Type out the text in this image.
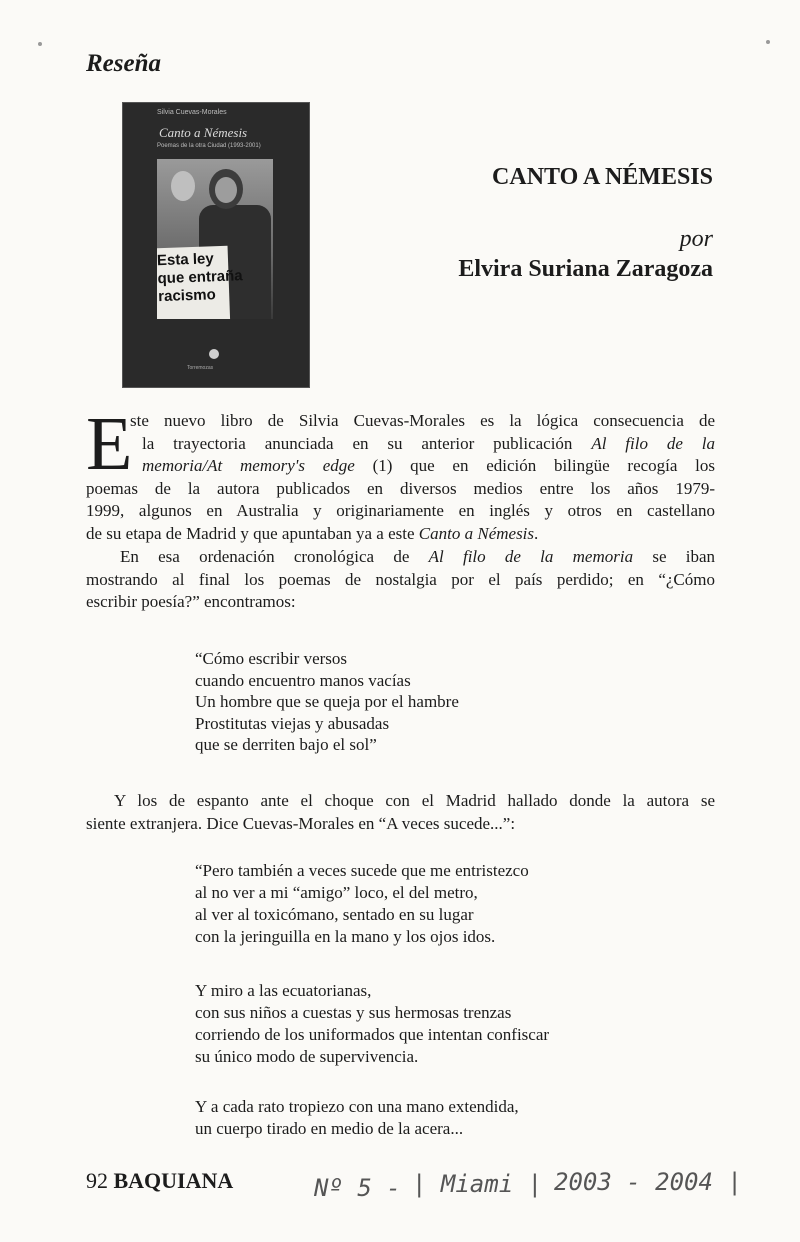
Reseña
Silvia Cuevas-Morales
Canto a Némesis
Poemas de la otra Ciudad (1993-2001)
Esta ley
que entraña
racismo
Torremozas
CANTO A NÉMESIS
por
Elvira Suriana Zaragoza
E
ste nuevo libro de Silvia Cuevas-Morales es la lógica consecuencia de
la trayectoria anunciada en su anterior publicación Al filo de la
memoria/At memory's edge (1) que en edición bilingüe recogía los
poemas de la autora publicados en diversos medios entre los años 1979-
1999, algunos en Australia y originariamente en inglés y otros en castellano
de su etapa de Madrid y que apuntaban ya a este Canto a Némesis.
En esa ordenación cronológica de Al filo de la memoria se iban
mostrando al final los poemas de nostalgia por el país perdido; en “¿Cómo
escribir poesía?” encontramos:
“Cómo escribir versos
cuando encuentro manos vacías
Un hombre que se queja por el hambre
Prostitutas viejas y abusadas
que se derriten bajo el sol”
Y los de espanto ante el choque con el Madrid hallado donde la autora se
siente extranjera. Dice Cuevas-Morales en “A veces sucede...”:
“Pero también a veces sucede que me entristezco
al no ver a mi “amigo” loco, el del metro,
al ver al toxicómano, sentado en su lugar
con la jeringuilla en la mano y los ojos idos.
Y miro a las ecuatorianas,
con sus niños a cuestas y sus hermosas trenzas
corriendo de los uniformados que intentan confiscar
su único modo de supervivencia.
Y a cada rato tropiezo con una mano extendida,
un cuerpo tirado en medio de la acera...
92 BAQUIANA	Nº 5 - | Miami | 2003 - 2004 |
